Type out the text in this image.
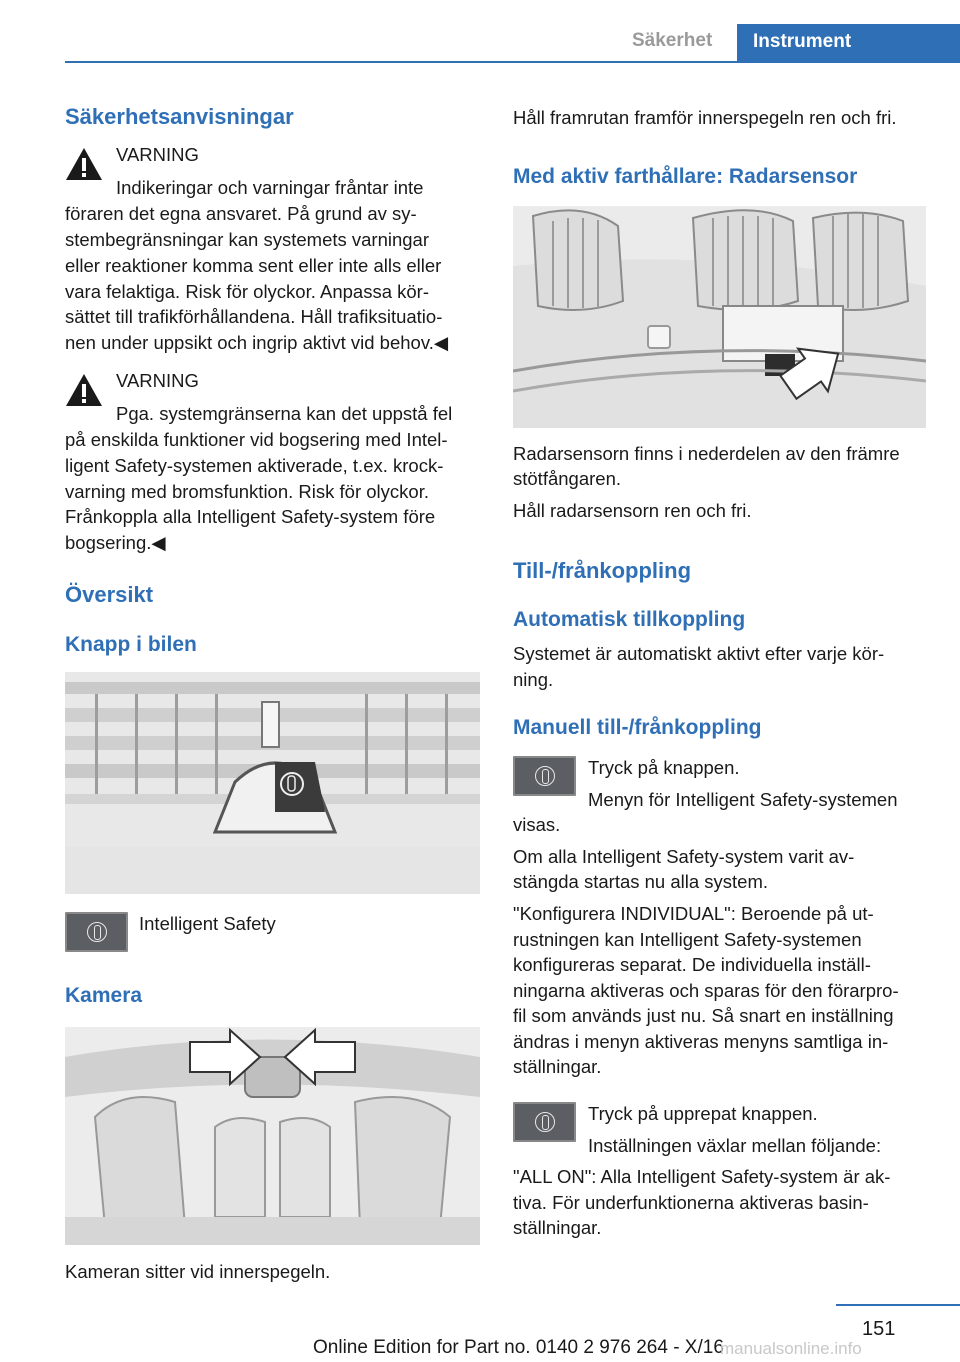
Säkerhet	Instrument
Säkerhetsanvisningar
VARNING
Indikeringar och varningar fråntar inte
föraren det egna ansvaret. På grund av sy‐
stembegränsningar kan systemets varningar
eller reaktioner komma sent eller inte alls eller
vara felaktiga. Risk för olyckor. Anpassa kör‐
sättet till trafikförhållandena. Håll trafiksituatio‐
nen under uppsikt och ingrip aktivt vid behov.◀
VARNING
Pga. systemgränserna kan det uppstå fel
på enskilda funktioner vid bogsering med Intel‐
ligent Safety-systemen aktiverade, t.ex. krock‐
varning med bromsfunktion. Risk för olyckor.
Frånkoppla alla Intelligent Safety-system före
bogsering.◀
Översikt
Knapp i bilen
Intelligent Safety
Kamera
Kameran sitter vid innerspegeln.
Håll framrutan framför innerspegeln ren och fri.
Med aktiv farthållare: Radarsensor
Radarsensorn finns i nederdelen av den främre
stötfångaren.
Håll radarsensorn ren och fri.
Till-/frånkoppling
Automatisk tillkoppling
Systemet är automatiskt aktivt efter varje kör‐
ning.
Manuell till-/frånkoppling
Tryck på knappen.
Menyn för Intelligent Safety-systemen
visas.
Om alla Intelligent Safety-system varit av‐
stängda startas nu alla system.
"Konfigurera INDIVIDUAL": Beroende på ut‐
rustningen kan Intelligent Safety-systemen
konfigureras separat. De individuella inställ‐
ningarna aktiveras och sparas för den förarpro‐
fil som används just nu. Så snart en inställning
ändras i menyn aktiveras menyns samtliga in‐
ställningar.
Tryck på upprepat knappen.
Inställningen växlar mellan följande:
"ALL ON": Alla Intelligent Safety-system är ak‐
tiva. För underfunktionerna aktiveras basin‐
ställningar.
151
Online Edition for Part no. 0140 2 976 264 - X/16
manualsonline.info
